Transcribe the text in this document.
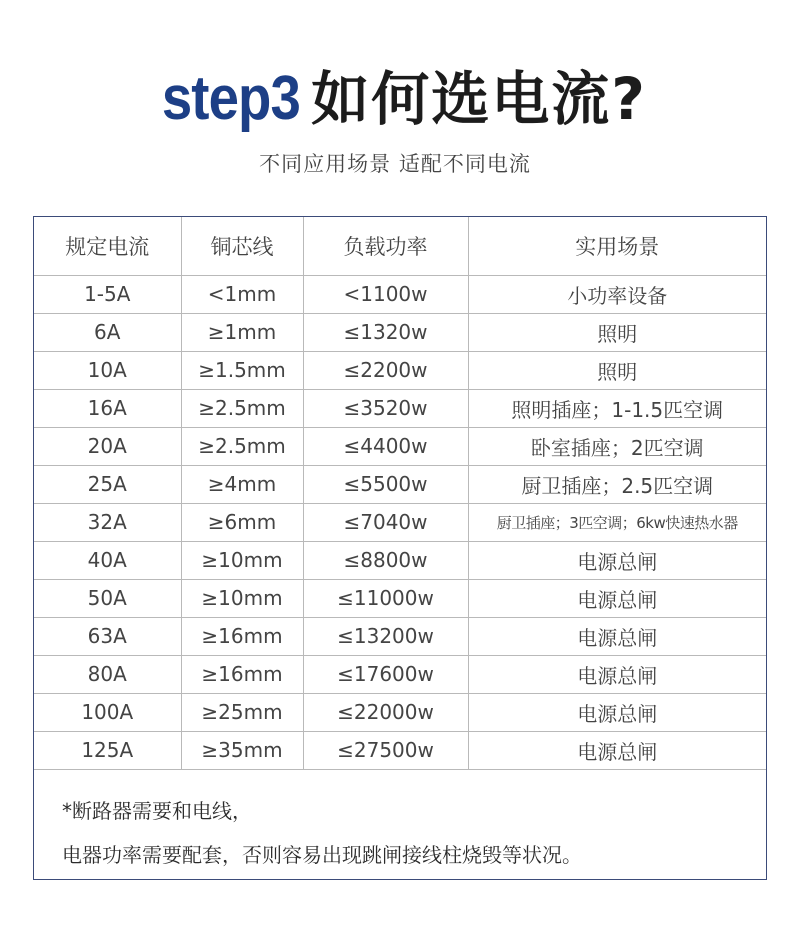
step3 如何选电流?
不同应用场景 适配不同电流
规定电流	铜芯线	负载功率	实用场景
1-5A	<1mm	<1100w	小功率设备
6A	≥1mm	≤1320w	照明
10A	≥1.5mm	≤2200w	照明
16A	≥2.5mm	≤3520w	照明插座；1-1.5匹空调
20A	≥2.5mm	≤4400w	卧室插座；2匹空调
25A	≥4mm	≤5500w	厨卫插座；2.5匹空调
32A	≥6mm	≤7040w	厨卫插座；3匹空调；6kw快速热水器
40A	≥10mm	≤8800w	电源总闸
50A	≥10mm	≤11000w	电源总闸
63A	≥16mm	≤13200w	电源总闸
80A	≥16mm	≤17600w	电源总闸
100A	≥25mm	≤22000w	电源总闸
125A	≥35mm	≤27500w	电源总闸
*断路器需要和电线，
电器功率需要配套，否则容易出现跳闸接线柱烧毁等状况。
